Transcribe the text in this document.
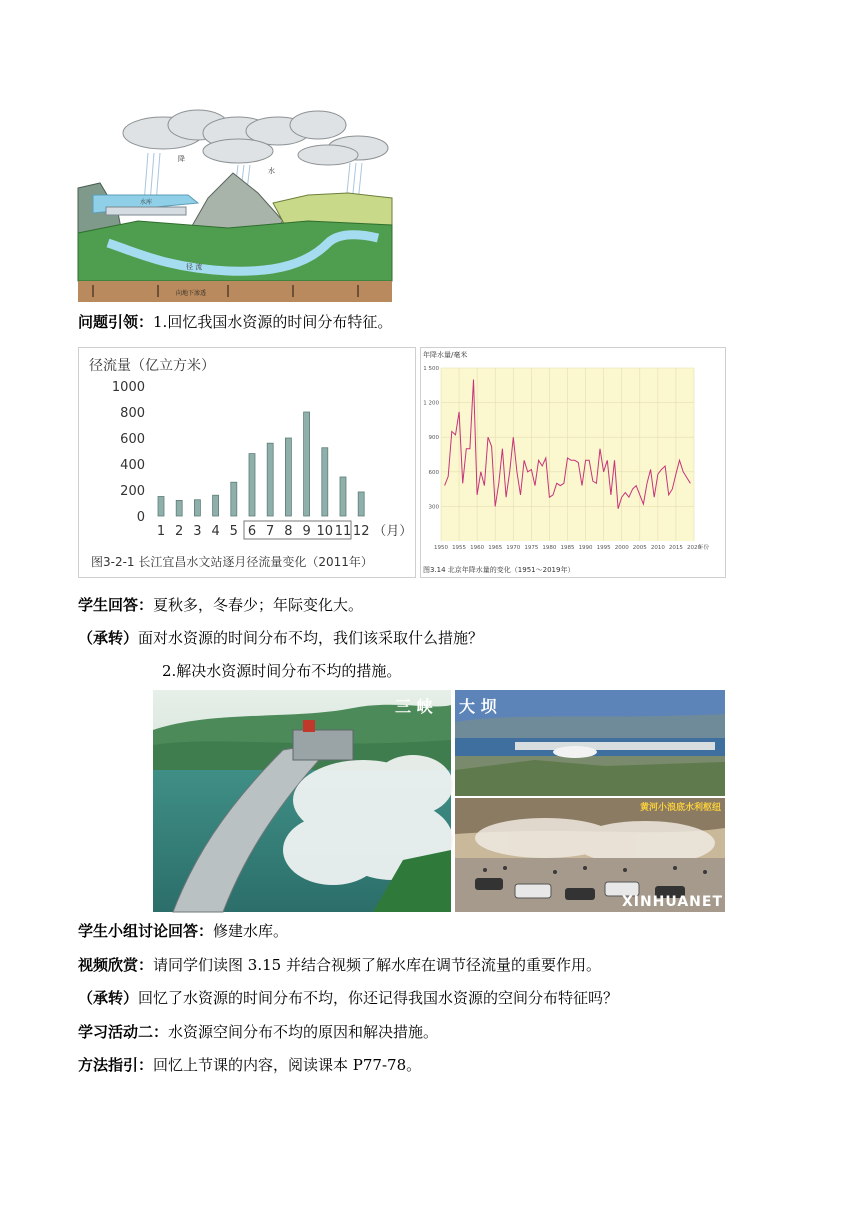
降
水
水库
径 流
向地下渗透
问题引领：1.回忆我国水资源的时间分布特征。
径流量（亿立方米）
1000
800
600
400
200
0
1 2 3 4 5 6 7 8 9 10 11 12 （月）
图3-2-1 长江宜昌水文站逐月径流量变化（2011年）
年降水量/毫米
1 500
1 200
900
600
300
1950 1955 1960 1965 1970 1975 1980 1985 1990 1995 2000 2005 2010 2015 2020
年份
图3.14 北京年降水量的变化（1951～2019年）
学生回答：夏秋多，冬春少；年际变化大。
（承转）面对水资源的时间分布不均，我们该采取什么措施？
2.解决水资源时间分布不均的措施。
三 峡 大 坝
黄河小浪底水利枢纽
XINHUANET
学生小组讨论回答：修建水库。
视频欣赏：请同学们读图 3.15 并结合视频了解水库在调节径流量的重要作用。
（承转）回忆了水资源的时间分布不均，你还记得我国水资源的空间分布特征吗？
学习活动二：水资源空间分布不均的原因和解决措施。
方法指引：回忆上节课的内容，阅读课本 P77-78。
